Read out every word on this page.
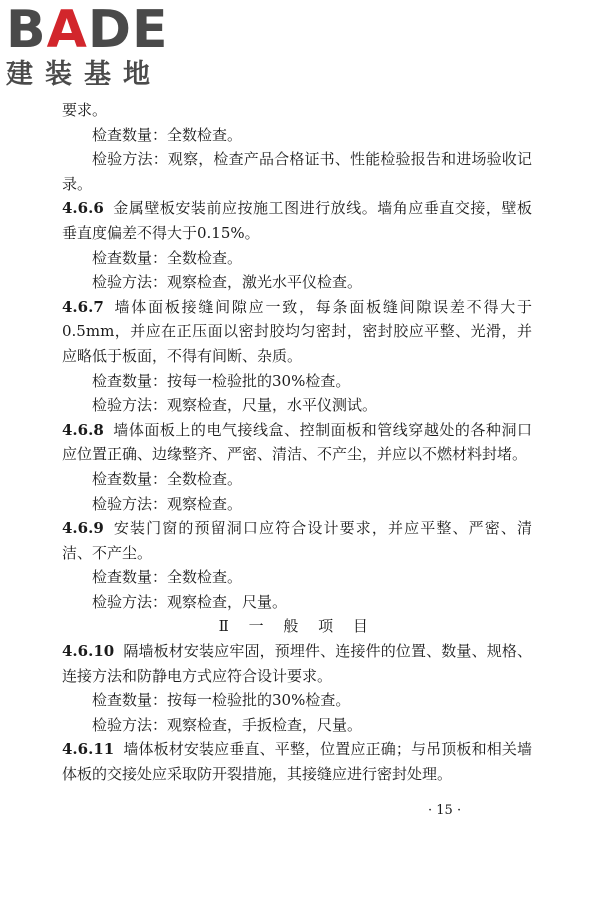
BADE
建装基地

要求。

检查数量：全数检查。

检验方法：观察，检查产品合格证书、性能检验报告和进场验收记录。

4.6.6 金属壁板安装前应按施工图进行放线。墙角应垂直交接，壁板垂直度偏差不得大于0.15%。

检查数量：全数检查。

检验方法：观察检查，激光水平仪检查。

4.6.7 墙体面板接缝间隙应一致，每条面板缝间隙误差不得大于0.5mm，并应在正压面以密封胶均匀密封，密封胶应平整、光滑，并应略低于板面，不得有间断、杂质。

检查数量：按每一检验批的30%检查。

检验方法：观察检查，尺量，水平仪测试。

4.6.8 墙体面板上的电气接线盒、控制面板和管线穿越处的各种洞口应位置正确、边缘整齐、严密、清洁、不产尘，并应以不燃材料封堵。

检查数量：全数检查。

检验方法：观察检查。

4.6.9 安装门窗的预留洞口应符合设计要求，并应平整、严密、清洁、不产尘。

检查数量：全数检查。

检验方法：观察检查，尺量。

Ⅱ 一 般 项 目

4.6.10 隔墙板材安装应牢固，预埋件、连接件的位置、数量、规格、连接方法和防静电方式应符合设计要求。

检查数量：按每一检验批的30%检查。

检验方法：观察检查，手扳检查，尺量。

4.6.11 墙体板材安装应垂直、平整，位置应正确；与吊顶板和相关墙体板的交接处应采取防开裂措施，其接缝应进行密封处理。

· 15 ·
